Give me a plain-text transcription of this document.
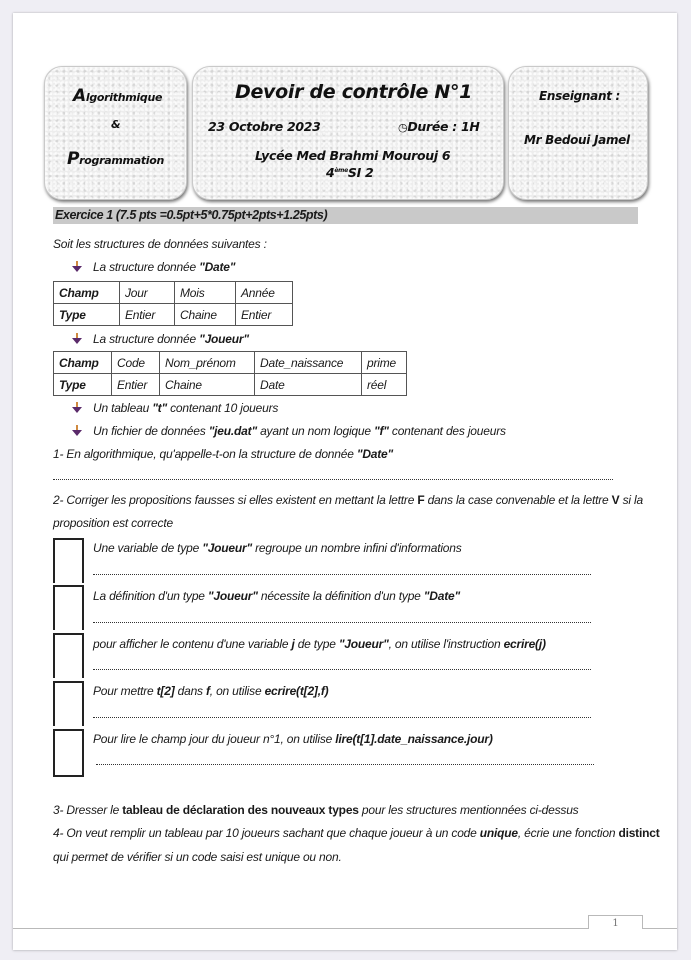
Algorithmique
&
Programmation
Devoir de contrôle N°1
23 Octobre 2023	◷Durée : 1H
Lycée Med Brahmi Mourouj 6
4èmeSI 2
Enseignant :
Mr Bedoui Jamel
Exercice 1 (7.5 pts =0.5pt+5*0.75pt+2pts+1.25pts)
Soit les structures de données suivantes :
La structure donnée "Date"
Champ	Jour	Mois	Année
Type	Entier	Chaine	Entier
La structure donnée "Joueur"
Champ	Code	Nom_prénom	Date_naissance	prime
Type	Entier	Chaine	Date	réel
Un tableau "t" contenant 10 joueurs
Un fichier de données "jeu.dat" ayant un nom logique "f" contenant des joueurs
1- En algorithmique, qu'appelle-t-on la structure de donnée "Date"
2- Corriger les propositions fausses si elles existent en mettant la lettre F dans la case convenable et la lettre V si la
proposition est correcte
Une variable de type "Joueur" regroupe un nombre infini d'informations
La définition d'un type "Joueur" nécessite la définition d'un type "Date"
pour afficher le contenu d'une variable j de type "Joueur", on utilise l'instruction ecrire(j)
Pour mettre t[2] dans f, on utilise ecrire(t[2],f)
Pour lire le champ jour du joueur n°1, on utilise lire(t[1].date_naissance.jour)
3- Dresser le tableau de déclaration des nouveaux types pour les structures mentionnées ci-dessus
4- On veut remplir un tableau par 10 joueurs sachant que chaque joueur à un code unique, écrie une fonction distinct
qui permet de vérifier si un code saisi est unique ou non.
1
